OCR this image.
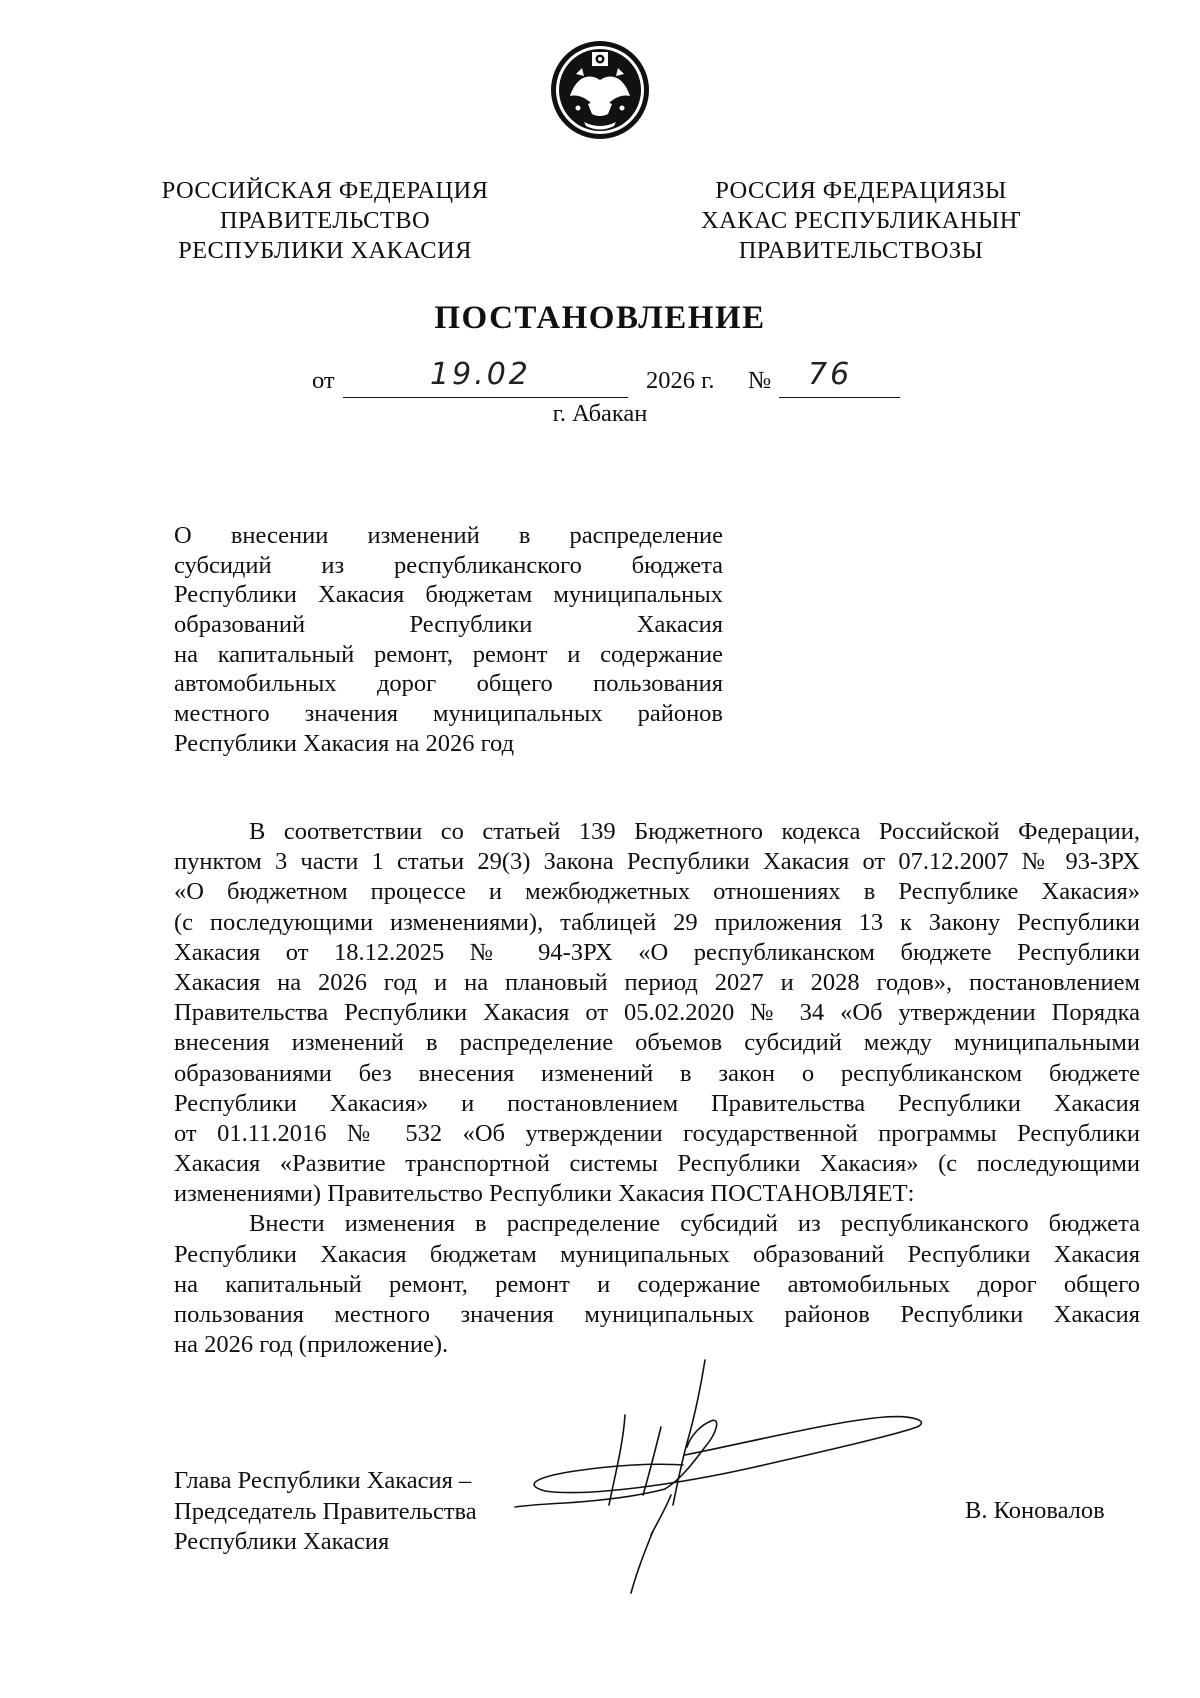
РОССИЙСКАЯ ФЕДЕРАЦИЯ
ПРАВИТЕЛЬСТВО
РЕСПУБЛИКИ ХАКАСИЯ
РОССИЯ ФЕДЕРАЦИЯЗЫ
ХАКАС РЕСПУБЛИКАНЫҤ
ПРАВИТЕЛЬСТВОЗЫ
ПОСТАНОВЛЕНИЕ
от	19.02	2026 г. № 76
г. Абакан
О внесении изменений в распределение
субсидий из республиканского бюджета
Республики Хакасия бюджетам муниципальных
образований Республики Хакасия
на капитальный ремонт, ремонт и содержание
автомобильных дорог общего пользования
местного значения муниципальных районов
Республики Хакасия на 2026 год
В соответствии со статьей 139 Бюджетного кодекса Российской Федерации,
пунктом 3 части 1 статьи 29(3) Закона Республики Хакасия от 07.12.2007 № 93-ЗРХ
«О бюджетном процессе и межбюджетных отношениях в Республике Хакасия»
(с последующими изменениями), таблицей 29 приложения 13 к Закону Республики
Хакасия от 18.12.2025 № 94-ЗРХ «О республиканском бюджете Республики
Хакасия на 2026 год и на плановый период 2027 и 2028 годов», постановлением
Правительства Республики Хакасия от 05.02.2020 № 34 «Об утверждении Порядка
внесения изменений в распределение объемов субсидий между муниципальными
образованиями без внесения изменений в закон о республиканском бюджете
Республики Хакасия» и постановлением Правительства Республики Хакасия
от 01.11.2016 № 532 «Об утверждении государственной программы Республики
Хакасия «Развитие транспортной системы Республики Хакасия» (с последующими
изменениями) Правительство Республики Хакасия ПОСТАНОВЛЯЕТ:
Внести изменения в распределение субсидий из республиканского бюджета
Республики Хакасия бюджетам муниципальных образований Республики Хакасия
на капитальный ремонт, ремонт и содержание автомобильных дорог общего
пользования местного значения муниципальных районов Республики Хакасия
на 2026 год (приложение).
Глава Республики Хакасия –
Председатель Правительства
Республики Хакасия
В. Коновалов
